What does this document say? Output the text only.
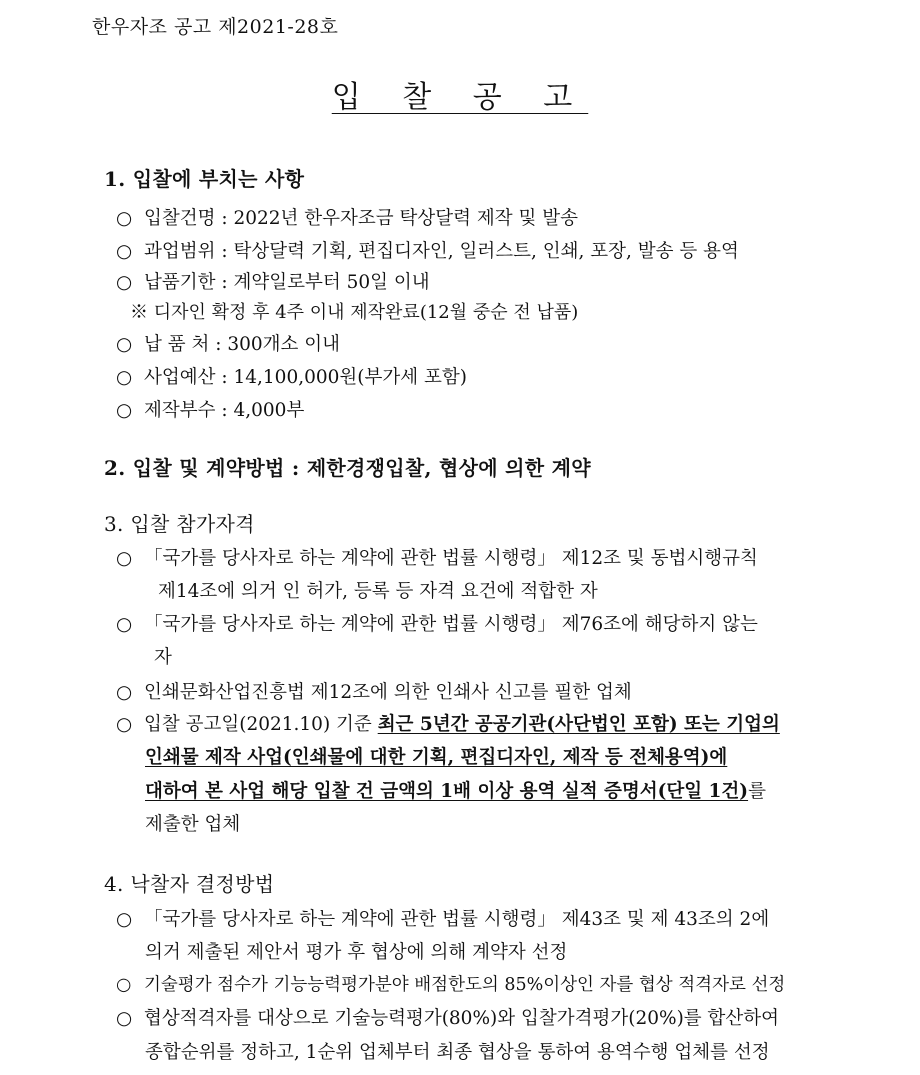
한우자조 공고 제2021-28호
입 찰 공 고
1. 입찰에 부치는 사항
○ 입찰건명 : 2022년 한우자조금 탁상달력 제작 및 발송
○ 과업범위 : 탁상달력 기획, 편집디자인, 일러스트, 인쇄, 포장, 발송 등 용역
○ 납품기한 : 계약일로부터 50일 이내
※ 디자인 확정 후 4주 이내 제작완료(12월 중순 전 납품)
○ 납 품 처 : 300개소 이내
○ 사업예산 : 14,100,000원(부가세 포함)
○ 제작부수 : 4,000부
2. 입찰 및 계약방법 : 제한경쟁입찰, 협상에 의한 계약
3. 입찰 참가자격
○ 「국가를 당사자로 하는 계약에 관한 법률 시행령」 제12조 및 동법시행규칙
제14조에 의거 인 허가, 등록 등 자격 요건에 적합한 자
○ 「국가를 당사자로 하는 계약에 관한 법률 시행령」 제76조에 해당하지 않는
자
○ 인쇄문화산업진흥법 제12조에 의한 인쇄사 신고를 필한 업체
○ 입찰 공고일(2021.10) 기준 최근 5년간 공공기관(사단법인 포함) 또는 기업의
인쇄물 제작 사업(인쇄물에 대한 기획, 편집디자인, 제작 등 전체용역)에
대하여 본 사업 해당 입찰 건 금액의 1배 이상 용역 실적 증명서(단일 1건)를
제출한 업체
4. 낙찰자 결정방법
○ 「국가를 당사자로 하는 계약에 관한 법률 시행령」 제43조 및 제 43조의 2에
의거 제출된 제안서 평가 후 협상에 의해 계약자 선정
○ 기술평가 점수가 기능능력평가분야 배점한도의 85%이상인 자를 협상 적격자로 선정
○ 협상적격자를 대상으로 기술능력평가(80%)와 입찰가격평가(20%)를 합산하여
종합순위를 정하고, 1순위 업체부터 최종 협상을 통하여 용역수행 업체를 선정
